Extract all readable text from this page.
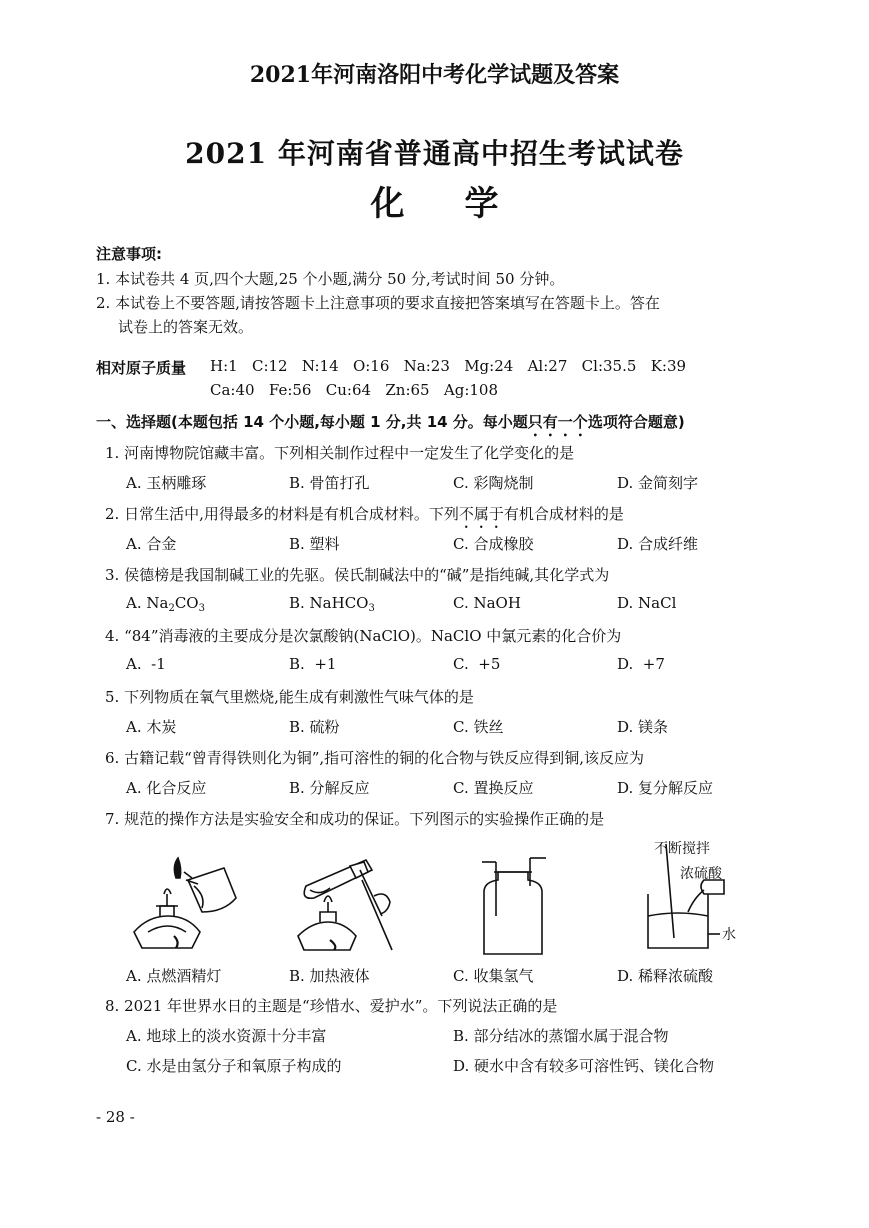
2021年河南洛阳中考化学试题及答案
2021 年河南省普通高中招生考试试卷
化学
注意事项:
1. 本试卷共 4 页,四个大题,25 个小题,满分 50 分,考试时间 50 分钟。
2. 本试卷上不要答题,请按答题卡上注意事项的要求直接把答案填写在答题卡上。答在
试卷上的答案无效。
相对原子质量 H:1   C:12   N:14   O:16   Na:23   Mg:24   Al:27   Cl:35.5   K:39
Ca:40   Fe:56   Cu:64   Zn:65   Ag:108
一、选择题(本题包括 14 个小题,每小题 1 分,共 14 分。每小题只有一个选项符合题意)
1. 河南博物院馆藏丰富。下列相关制作过程中一定发生了化学变化的是
A. 玉柄雕琢	B. 骨笛打孔	C. 彩陶烧制	D. 金简刻字
2. 日常生活中,用得最多的材料是有机合成材料。下列不属于有机合成材料的是
A. 合金	B. 塑料	C. 合成橡胶	D. 合成纤维
3. 侯德榜是我国制碱工业的先驱。侯氏制碱法中的“碱”是指纯碱,其化学式为
A. $Na_2CO_3$	B. NaHCO$_3$	C. NaOH	D. NaCl
4. “84”消毒液的主要成分是次氯酸钠(NaClO)。NaClO 中氯元素的化合价为
A.  -1	B.  +1	C.  +5	D.  +7
5. 下列物质在氧气里燃烧,能生成有刺激性气味气体的是
A. 木炭	B. 硫粉	C. 铁丝	D. 镁条
6. 古籍记载“曾青得铁则化为铜”,指可溶性的铜的化合物与铁反应得到铜,该反应为
A. 化合反应	B. 分解反应	C. 置换反应	D. 复分解反应
7. 规范的操作方法是实验安全和成功的保证。下列图示的实验操作正确的是
不断搅拌
浓硫酸
水
A. 点燃酒精灯	B. 加热液体	C. 收集氢气	D. 稀释浓硫酸
8. 2021 年世界水日的主题是“珍惜水、爱护水”。下列说法正确的是
A. 地球上的淡水资源十分丰富	B. 部分结冰的蒸馏水属于混合物
C. 水是由氢分子和氧原子构成的	D. 硬水中含有较多可溶性钙、镁化合物
- 28 -
